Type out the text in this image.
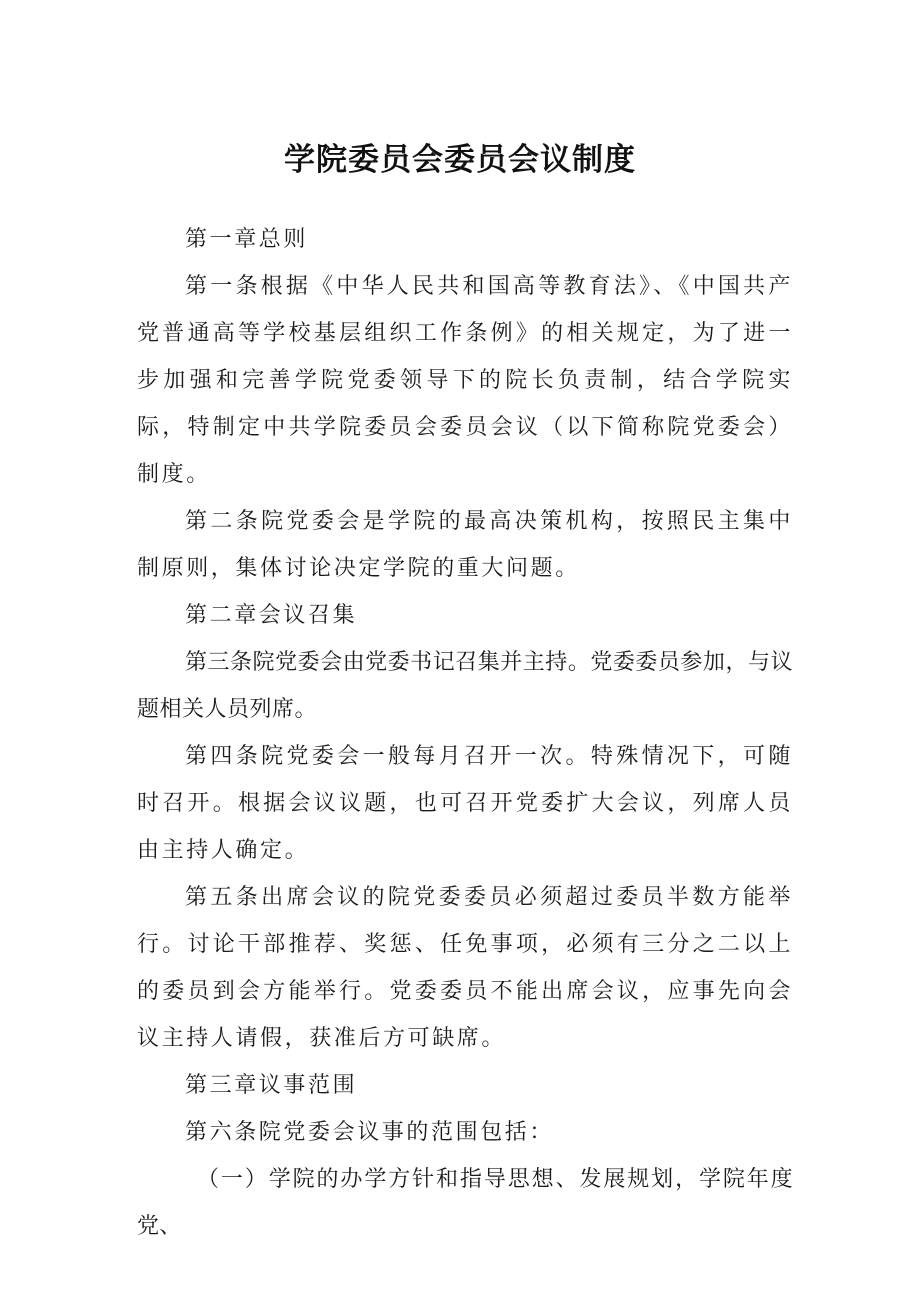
学院委员会委员会议制度

第一章总则

第一条根据《中华人民共和国高等教育法》、《中国共产党普通高等学校基层组织工作条例》的相关规定，为了进一步加强和完善学院党委领导下的院长负责制，结合学院实际，特制定中共学院委员会委员会议（以下简称院党委会）制度。

第二条院党委会是学院的最高决策机构，按照民主集中制原则，集体讨论决定学院的重大问题。

第二章会议召集

第三条院党委会由党委书记召集并主持。党委委员参加，与议题相关人员列席。

第四条院党委会一般每月召开一次。特殊情况下，可随时召开。根据会议议题，也可召开党委扩大会议，列席人员由主持人确定。

第五条出席会议的院党委委员必须超过委员半数方能举行。讨论干部推荐、奖惩、任免事项，必须有三分之二以上的委员到会方能举行。党委委员不能出席会议，应事先向会议主持人请假，获准后方可缺席。

第三章议事范围

第六条院党委会议事的范围包括：

（一）学院的办学方针和指导思想、发展规划，学院年度党、
